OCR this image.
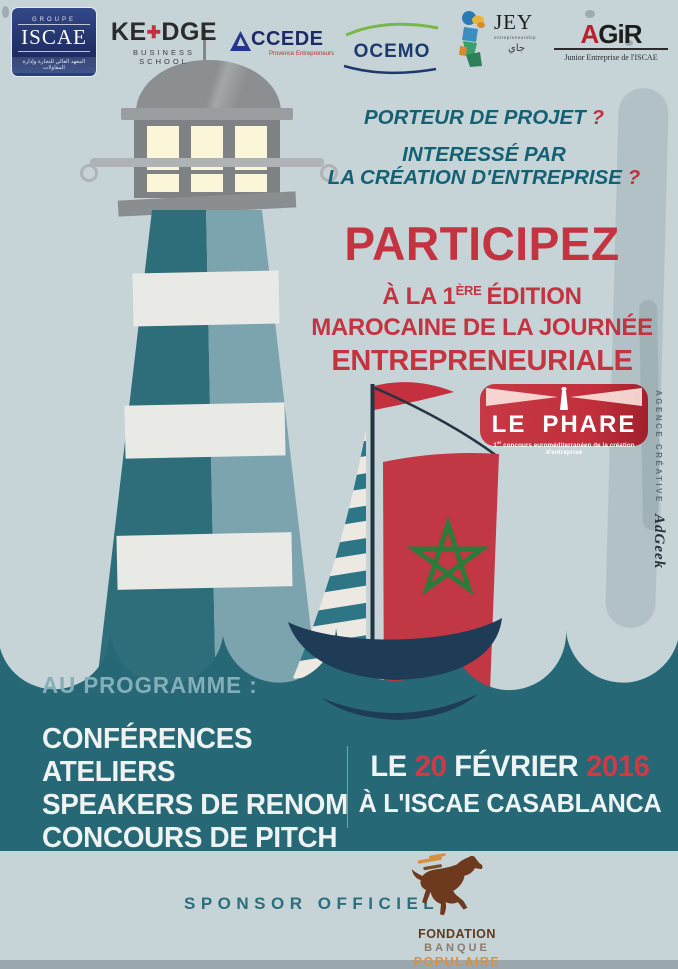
GROUPE
ISCAE
المعهد العالي للتجارة وإدارة المقاولات
KE✚DGE
BUSINESS SCHOOL
CCEDE
Provence Entrepreneurs	OCEMO
JEY
entrepreneurship
جاي	AGiR
Junior Entreprise de l'ISCAE
PORTEUR DE PROJET ?
INTERESSÉ PAR
LA CRÉATION D'ENTREPRISE ?
PARTICIPEZ
À LA 1ÈRE ÉDITION
MAROCAINE DE LA JOURNÉE
ENTREPRENEURIALE
LE PHARE
1er concours euroméditerranéen de la création d'entreprise	AGENCE CRÉATIVE
AdGeek
AU PROGRAMME :
CONFÉRENCES
ATELIERS
SPEAKERS DE RENOM
CONCOURS DE PITCH
LE 20 FÉVRIER 2016
À L'ISCAE CASABLANCA
SPONSOR OFFICIEL
FONDATION
BANQUE
POPULAIRE
